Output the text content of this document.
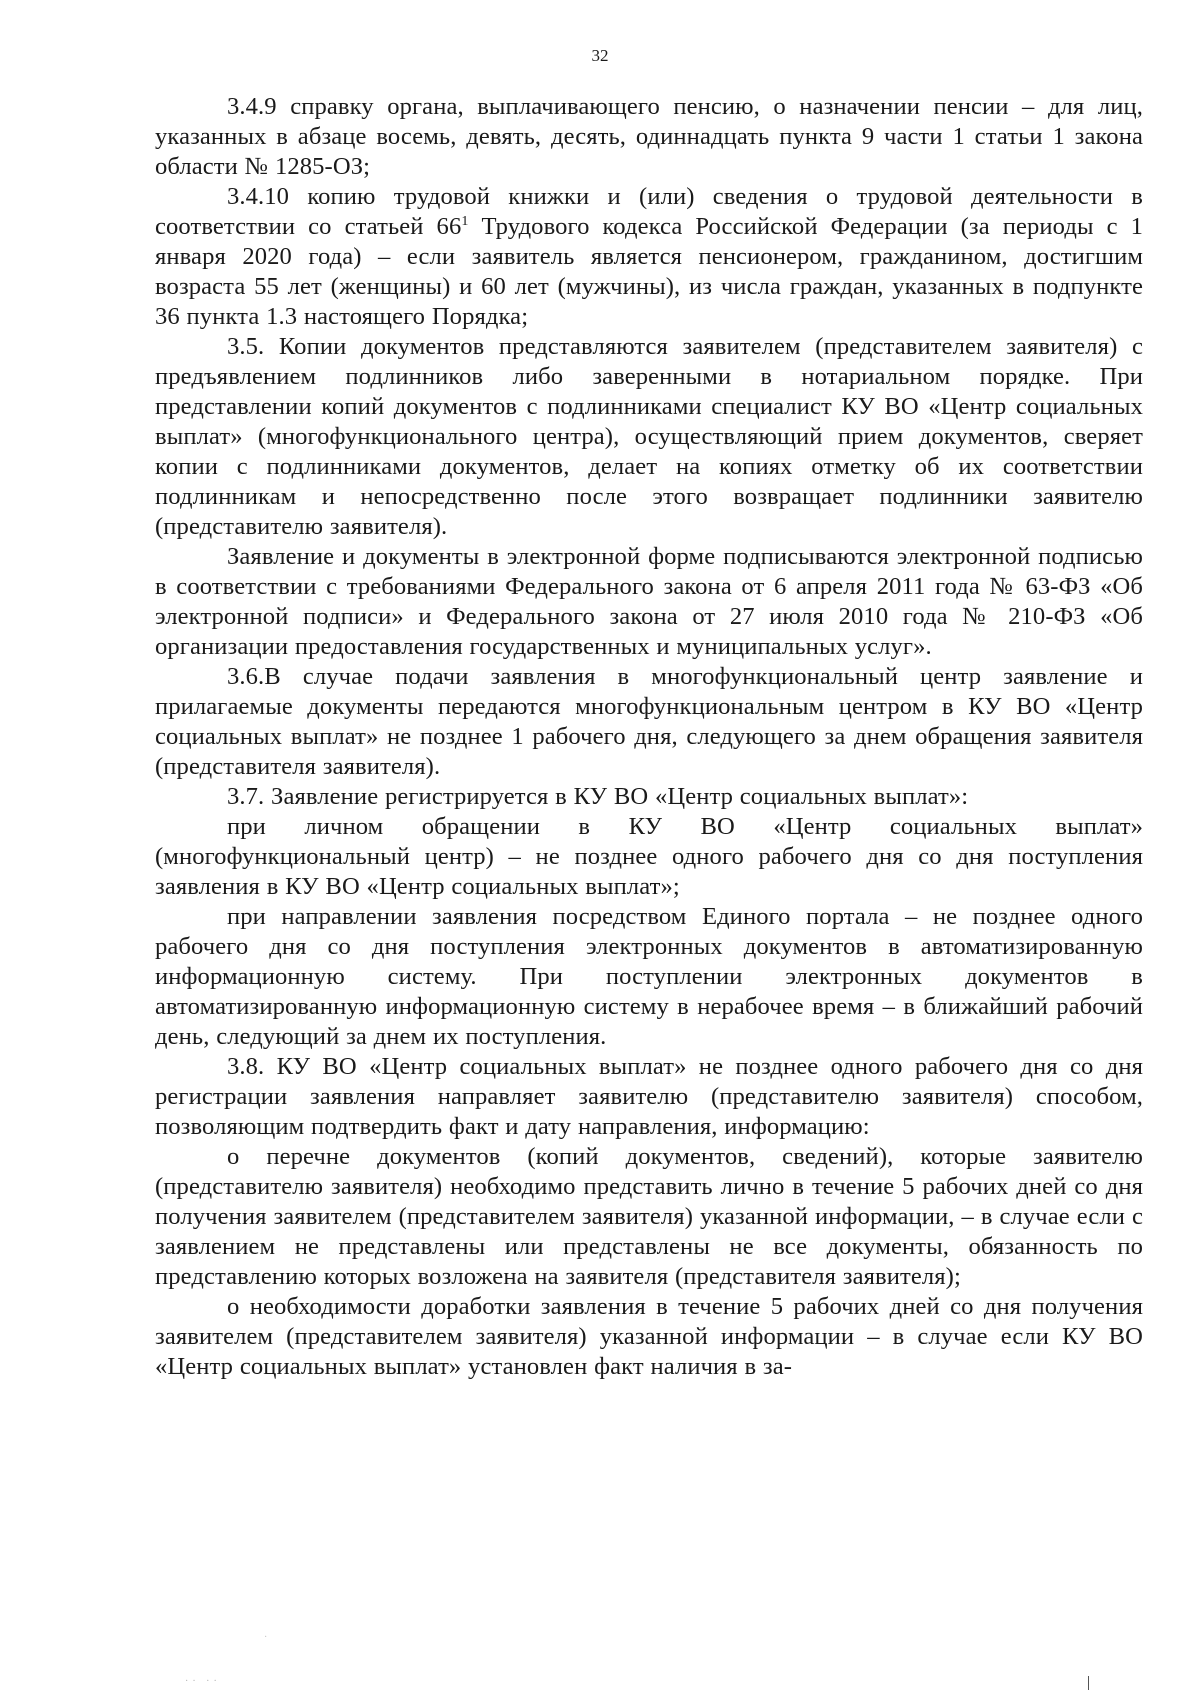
32

3.4.9 справку органа, выплачивающего пенсию, о назначении пенсии – для лиц, указанных в абзаце восемь, девять, десять, одиннадцать пункта 9 части 1 статьи 1 закона области № 1285-ОЗ;

3.4.10 копию трудовой книжки и (или) сведения о трудовой деятельности в соответствии со статьей $66^1$ Трудового кодекса Российской Федерации (за периоды с 1 января 2020 года) – если заявитель является пенсионером, гражданином, достигшим возраста 55 лет (женщины) и 60 лет (мужчины), из числа граждан, указанных в подпункте 36 пункта 1.3 настоящего Порядка;

3.5. Копии документов представляются заявителем (представителем заявителя) с предъявлением подлинников либо заверенными в нотариальном порядке. При представлении копий документов с подлинниками специалист КУ ВО «Центр социальных выплат» (многофункционального центра), осуществляющий прием документов, сверяет копии с подлинниками документов, делает на копиях отметку об их соответствии подлинникам и непосредственно после этого возвращает подлинники заявителю (представителю заявителя).

Заявление и документы в электронной форме подписываются электронной подписью в соответствии с требованиями Федерального закона от 6 апреля 2011 года № 63-ФЗ «Об электронной подписи» и Федерального закона от 27 июля 2010 года № 210-ФЗ «Об организации предоставления государственных и муниципальных услуг».

3.6.В случае подачи заявления в многофункциональный центр заявление и прилагаемые документы передаются многофункциональным центром в КУ ВО «Центр социальных выплат» не позднее 1 рабочего дня, следующего за днем обращения заявителя (представителя заявителя).

3.7. Заявление регистрируется в КУ ВО «Центр социальных выплат»:

при личном обращении в КУ ВО «Центр социальных выплат» (многофункциональный центр) – не позднее одного рабочего дня со дня поступления заявления в КУ ВО «Центр социальных выплат»;

при направлении заявления посредством Единого портала – не позднее одного рабочего дня со дня поступления электронных документов в автоматизированную информационную систему. При поступлении электронных документов в автоматизированную информационную систему в нерабочее время – в ближайший рабочий день, следующий за днем их поступления.

3.8. КУ ВО «Центр социальных выплат» не позднее одного рабочего дня со дня регистрации заявления направляет заявителю (представителю заявителя) способом, позволяющим подтвердить факт и дату направления, информацию:

о перечне документов (копий документов, сведений), которые заявителю (представителю заявителя) необходимо представить лично в течение 5 рабочих дней со дня получения заявителем (представителем заявителя) указанной информации, – в случае если с заявлением не представлены или представлены не все документы, обязанность по представлению которых возложена на заявителя (представителя заявителя);

о необходимости доработки заявления в течение 5 рабочих дней со дня получения заявителем (представителем заявителя) указанной информации – в случае если КУ ВО «Центр социальных выплат» установлен факт наличия в за-

·
·· ··
